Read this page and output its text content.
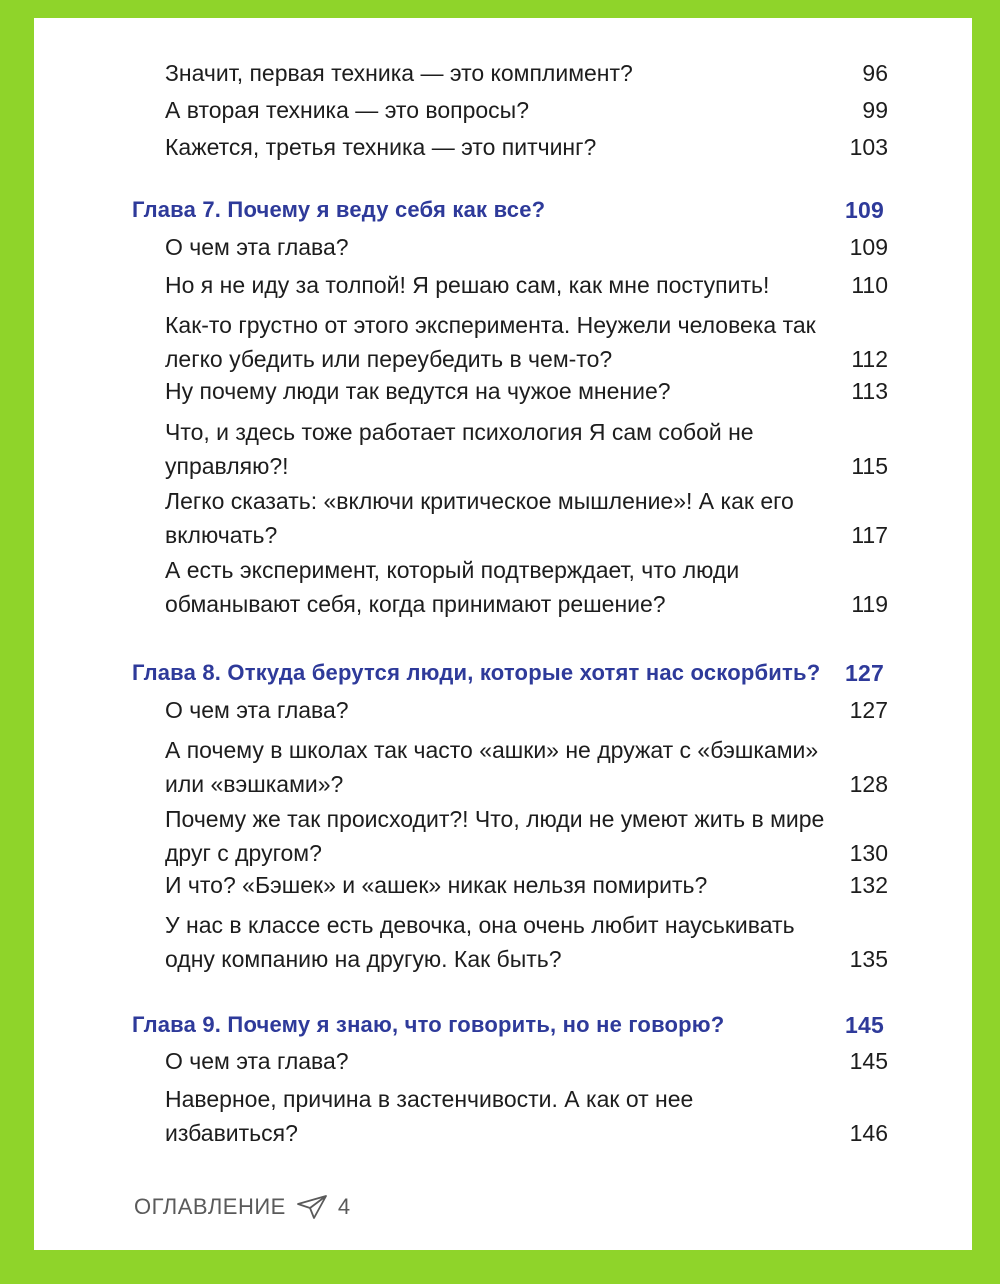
Значит, первая техника — это комплимент?	96
А вторая техника — это вопросы?	99
Кажется, третья техника — это питчинг?	103
Глава 7. Почему я веду себя как все?	109
О чем эта глава?	109
Но я не иду за толпой! Я решаю сам, как мне поступить!	110
Как-то грустно от этого эксперимента. Неужели человека так легко убедить или переубедить в чем-то?	112
Ну почему люди так ведутся на чужое мнение?	113
Что, и здесь тоже работает психология Я сам собой не управляю?!	115
Легко сказать: «включи критическое мышление»! А как его включать?	117
А есть эксперимент, который подтверждает, что люди обманывают себя, когда принимают решение?	119
Глава 8. Откуда берутся люди, которые хотят нас оскорбить? 127
О чем эта глава?	127
А почему в школах так часто «ашки» не дружат с «бэшками» или «вэшками»?	128
Почему же так происходит?! Что, люди не умеют жить в мире друг с другом?	130
И что? «Бэшек» и «ашек» никак нельзя помирить?	132
У нас в классе есть девочка, она очень любит науськивать одну компанию на другую. Как быть?	135
Глава 9. Почему я знаю, что говорить, но не говорю?	145
О чем эта глава?	145
Наверное, причина в застенчивости. А как от нее избавиться?	146
ОГЛАВЛЕНИЕ 4
